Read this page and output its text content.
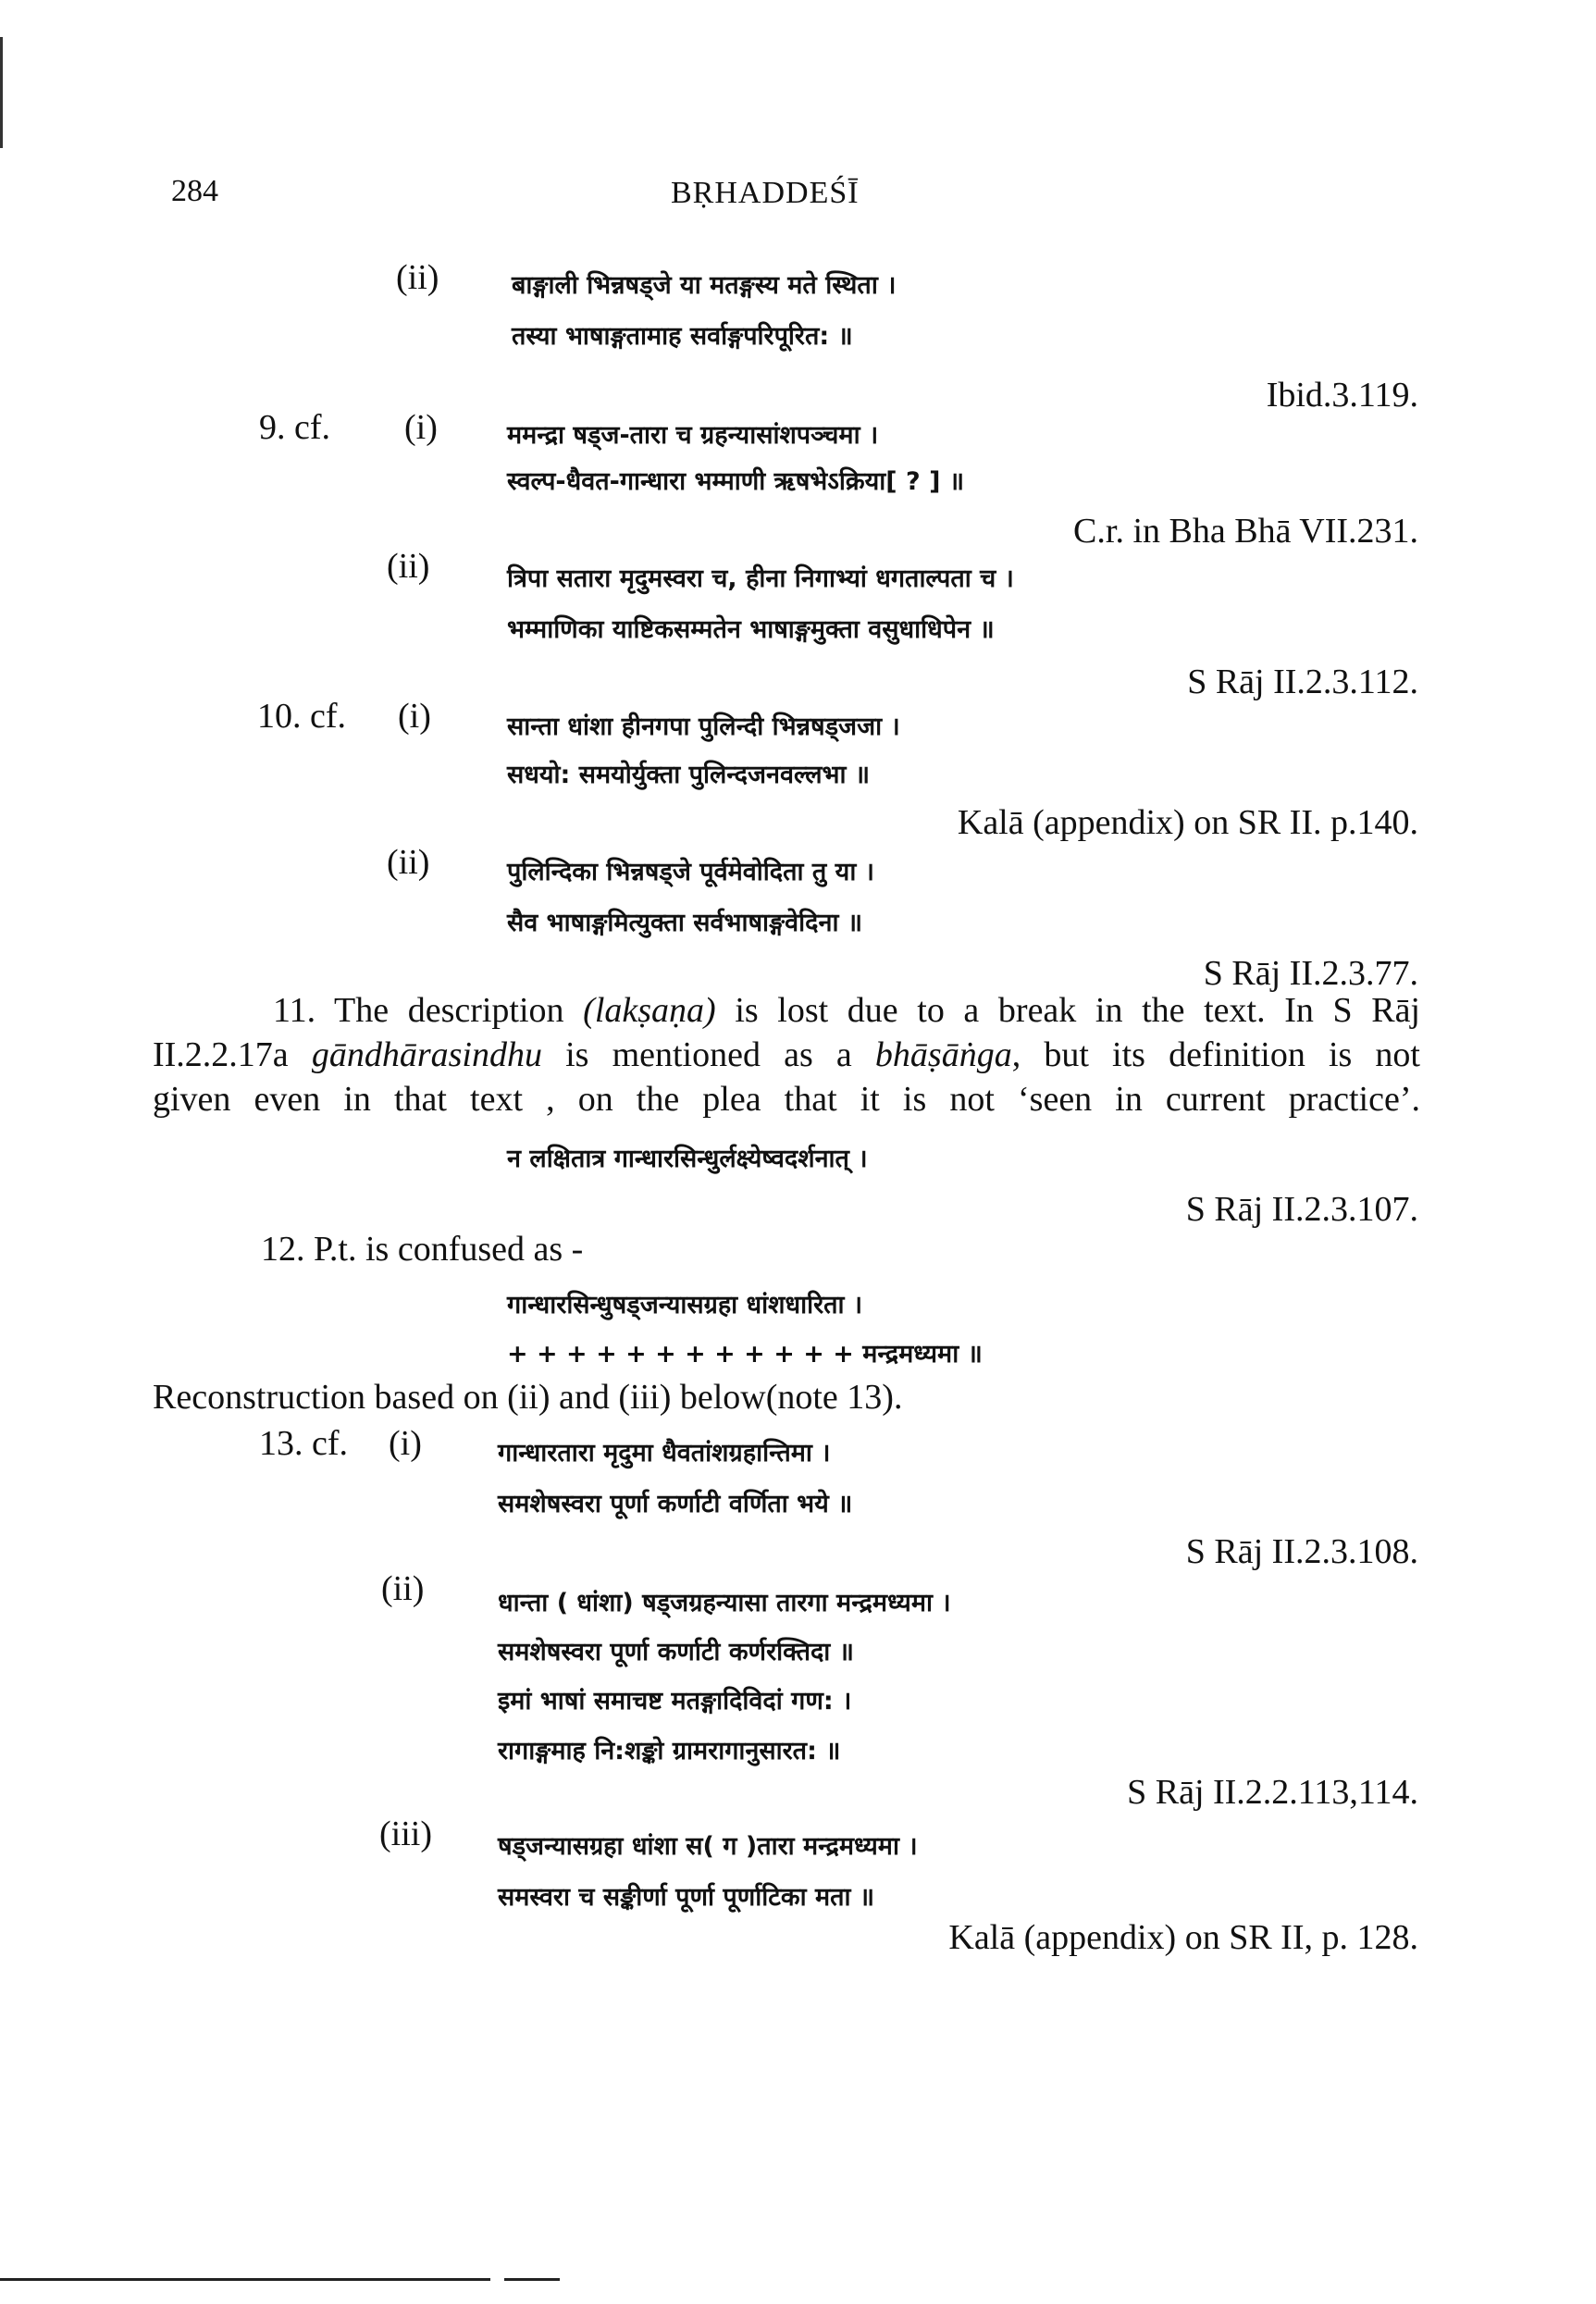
284	BṚHADDEŚĪ
(ii)	बाङ्गाली भिन्नषड्जे या मतङ्गस्य मते स्थिता ।
तस्या भाषाङ्गतामाह सर्वाङ्गपरिपूरित: ॥
Ibid.3.119.
9. cf. (i)	ममन्द्रा षड्ज-तारा च ग्रहन्यासांशपञ्चमा ।
स्वल्प-धैवत-गान्धारा भम्माणी ऋषभेऽक्रिया[ ? ] ॥
C.r. in Bha Bhā VII.231.
(ii)	त्रिपा सतारा मृदुमस्वरा च, हीना निगाभ्यां धगताल्पता च ।
भम्माणिका याष्टिकसम्मतेन भाषाङ्गमुक्ता वसुधाधिपेन ॥
S Rāj II.2.3.112.
10. cf. (i)	सान्ता धांशा हीनगपा पुलिन्दी भिन्नषड्जजा ।
सधयो: समयोर्युक्ता पुलिन्दजनवल्लभा ॥
Kalā (appendix) on SR II. p.140.
(ii)	पुलिन्दिका भिन्नषड्जे पूर्वमेवोदिता तु या ।
सैव भाषाङ्गमित्युक्ता सर्वभाषाङ्गवेदिना ॥
S Rāj II.2.3.77.
11. The description (lakṣaṇa) is lost due to a break in the text. In S Rāj
II.2.2.17a gāndhārasindhu is mentioned as a bhāṣāṅga, but its definition is not
given even in that text , on the plea that it is not ‘seen in current practice’.
न लक्षितात्र गान्धारसिन्धुर्लक्ष्येष्वदर्शनात् ।
S Rāj II.2.3.107.
12. P.t. is confused as -
गान्धारसिन्धुषड्जन्यासग्रहा धांशधारिता ।
+ + + + + + + + + + + + मन्द्रमध्यमा ॥
Reconstruction based on (ii) and (iii) below(note 13).
13. cf. (i)	गान्धारतारा मृदुमा धैवतांशग्रहान्तिमा ।
समशेषस्वरा पूर्णा कर्णाटी वर्णिता भये ॥
S Rāj II.2.3.108.
(ii)	धान्ता ( धांशा) षड्जग्रहन्यासा तारगा मन्द्रमध्यमा ।
समशेषस्वरा पूर्णा कर्णाटी कर्णरक्तिदा ॥
इमां भाषां समाचष्ट मतङ्गादिविदां गण: ।
रागाङ्गमाह नि:शङ्को ग्रामरागानुसारत: ॥
S Rāj II.2.2.113,114.
(iii)	षड्जन्यासग्रहा धांशा स( ग )तारा मन्द्रमध्यमा ।
समस्वरा च सङ्कीर्णा पूर्णा पूर्णाटिका मता ॥
Kalā (appendix) on SR II, p. 128.
